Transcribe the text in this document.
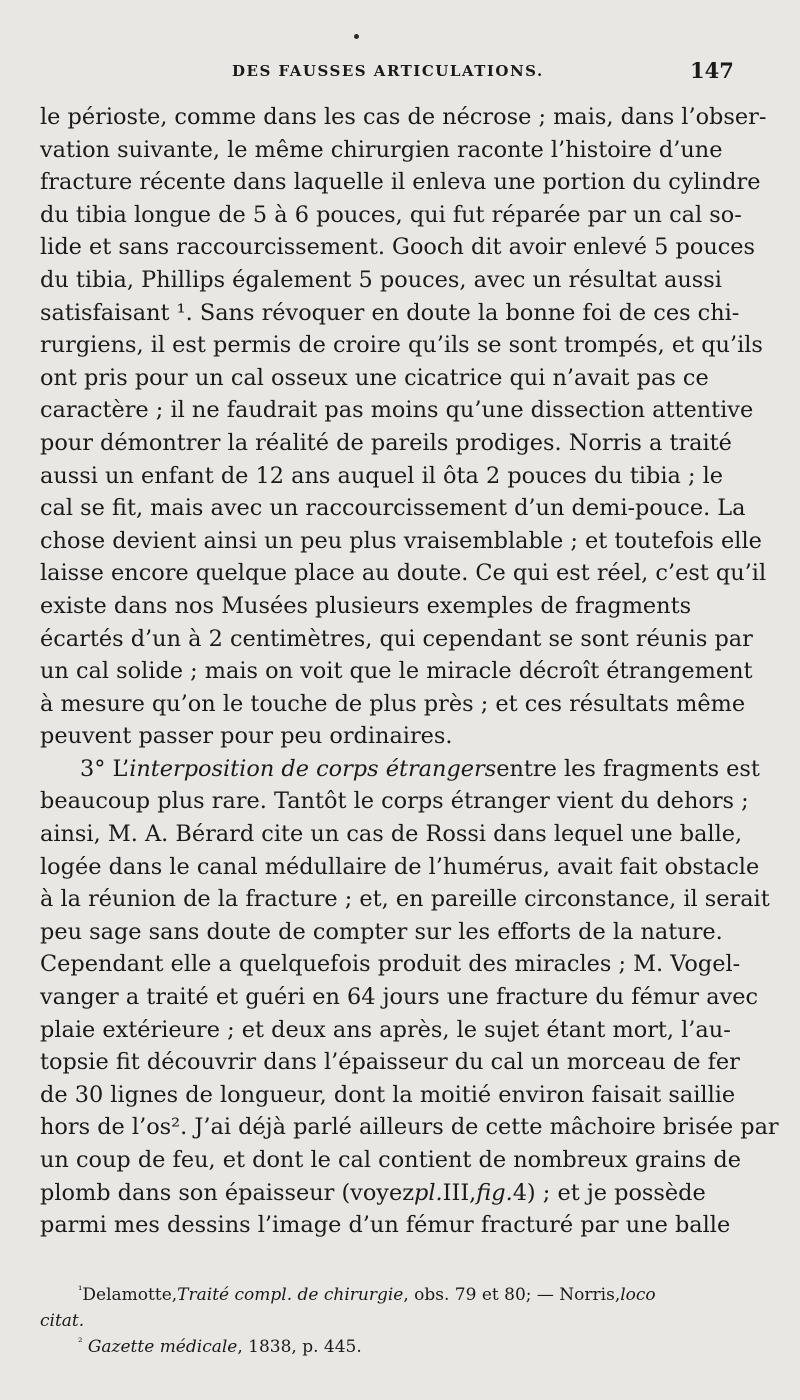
DES FAUSSES ARTICULATIONS.	147
le périoste, comme dans les cas de nécrose ; mais, dans l’obser-
vation suivante, le même chirurgien raconte l’histoire d’une
fracture récente dans laquelle il enleva une portion du cylindre
du tibia longue de 5 à 6 pouces, qui fut réparée par un cal so-
lide et sans raccourcissement. Gooch dit avoir enlevé 5 pouces
du tibia, Phillips également 5 pouces, avec un résultat aussi
satisfaisant ¹. Sans révoquer en doute la bonne foi de ces chi-
rurgiens, il est permis de croire qu’ils se sont trompés, et qu’ils
ont pris pour un cal osseux une cicatrice qui n’avait pas ce
caractère ; il ne faudrait pas moins qu’une dissection attentive
pour démontrer la réalité de pareils prodiges. Norris a traité
aussi un enfant de 12 ans auquel il ôta 2 pouces du tibia ; le
cal se fit, mais avec un raccourcissement d’un demi-pouce. La
chose devient ainsi un peu plus vraisemblable ; et toutefois elle
laisse encore quelque place au doute. Ce qui est réel, c’est qu’il
existe dans nos Musées plusieurs exemples de fragments
écartés d’un à 2 centimètres, qui cependant se sont réunis par
un cal solide ; mais on voit que le miracle décroît étrangement
à mesure qu’on le touche de plus près ; et ces résultats même
peuvent passer pour peu ordinaires.
3° L’interposition de corps étrangersentre les fragments est
beaucoup plus rare. Tantôt le corps étranger vient du dehors ;
ainsi, M. A. Bérard cite un cas de Rossi dans lequel une balle,
logée dans le canal médullaire de l’humérus, avait fait obstacle
à la réunion de la fracture ; et, en pareille circonstance, il serait
peu sage sans doute de compter sur les efforts de la nature.
Cependant elle a quelquefois produit des miracles ; M. Vogel-
vanger a traité et guéri en 64 jours une fracture du fémur avec
plaie extérieure ; et deux ans après, le sujet étant mort, l’au-
topsie fit découvrir dans l’épaisseur du cal un morceau de fer
de 30 lignes de longueur, dont la moitié environ faisait saillie
hors de l’os². J’ai déjà parlé ailleurs de cette mâchoire brisée par
un coup de feu, et dont le cal contient de nombreux grains de
plomb dans son épaisseur (voyezpl.III,fig.4) ; et je possède
parmi mes dessins l’image d’un fémur fracturé par une balle
$^{^1}$Delamotte,Traité compl. de chirurgie, obs. 79 et 80; — Norris,loco
citat.
$^{^2}$ Gazette médicale, 1838, p. 445.
